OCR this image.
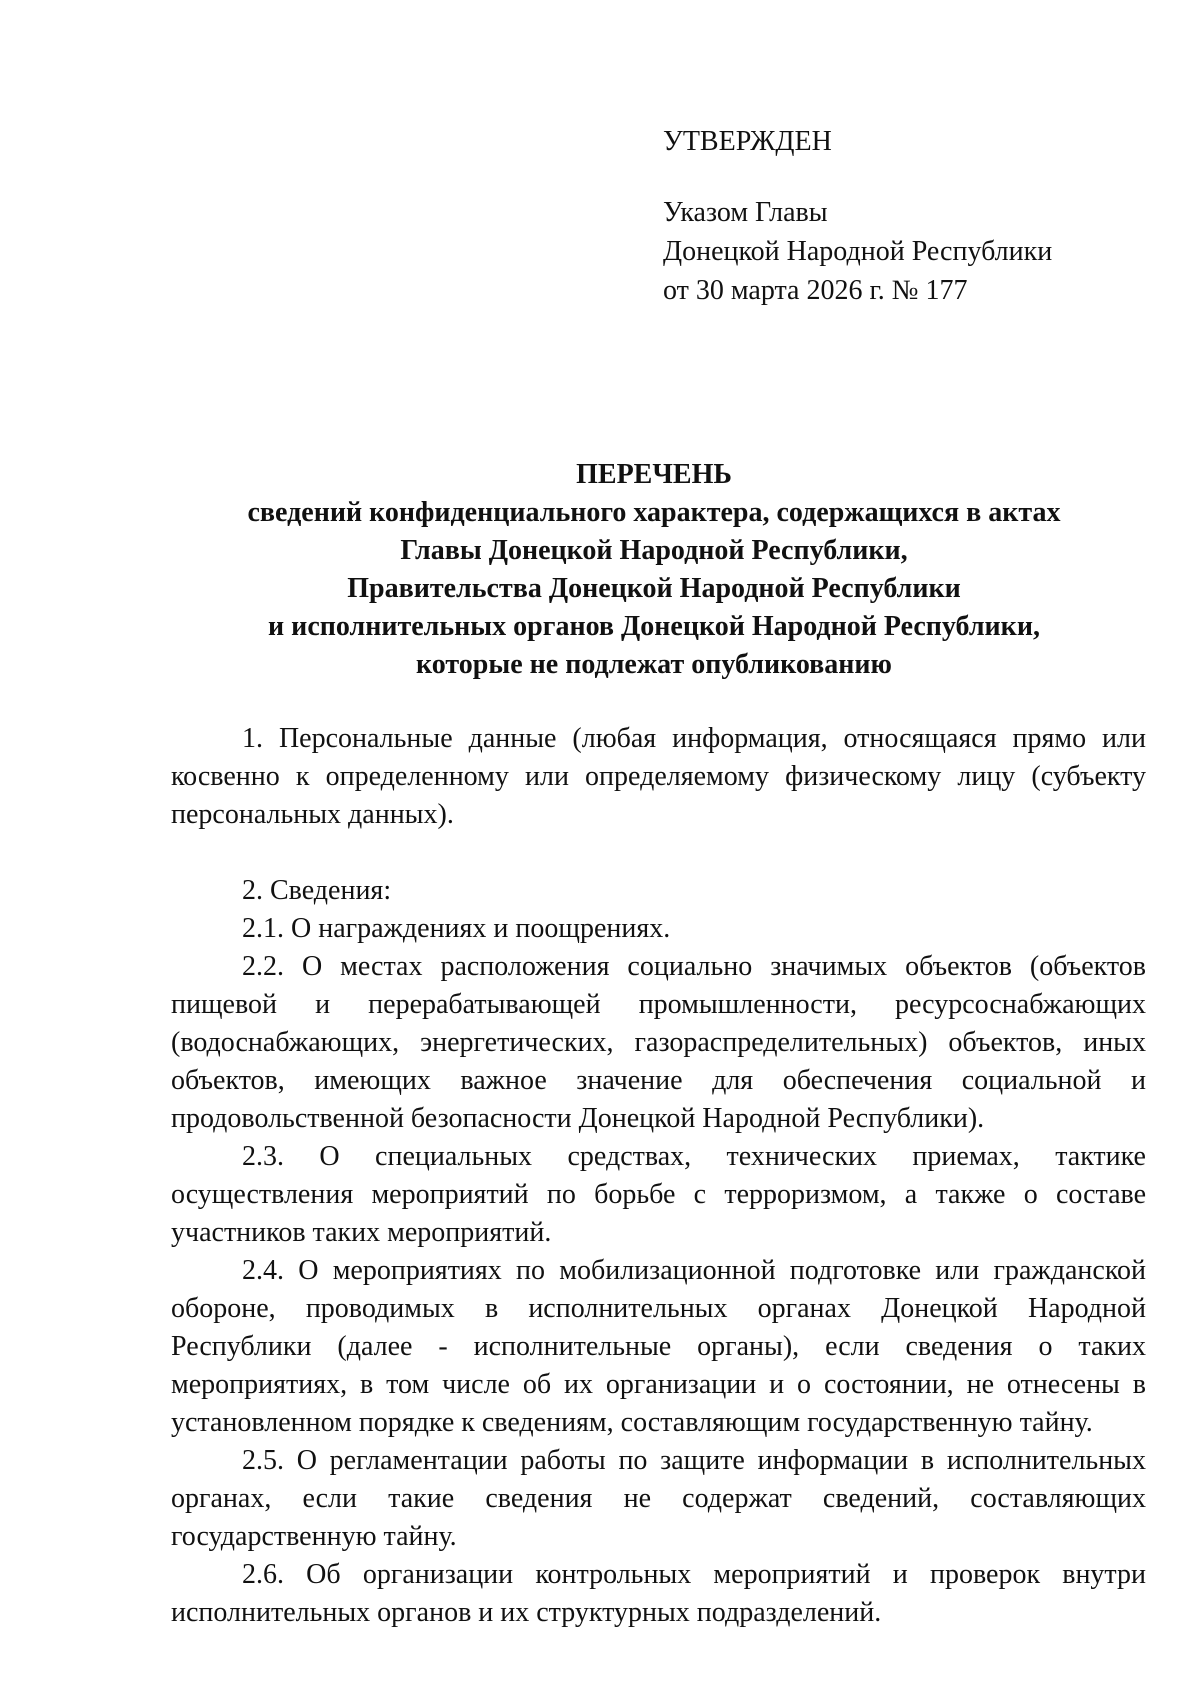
УТВЕРЖДЕН
Указом Главы
Донецкой Народной Республики
от 30 марта 2026 г. № 177
ПЕРЕЧЕНЬ
сведений конфиденциального характера, содержащихся в актах
Главы Донецкой Народной Республики,
Правительства Донецкой Народной Республики
и исполнительных органов Донецкой Народной Республики,
которые не подлежат опубликованию

1. Персональные данные (любая информация, относящаяся прямо или косвенно к определенному или определяемому физическому лицу (субъекту персональных данных).

2. Сведения:

2.1. О награждениях и поощрениях.

2.2. О местах расположения социально значимых объектов (объектов пищевой и перерабатывающей промышленности, ресурсоснабжающих (водоснабжающих, энергетических, газораспределительных) объектов, иных объектов, имеющих важное значение для обеспечения социальной и продовольственной безопасности Донецкой Народной Республики).

2.3. О специальных средствах, технических приемах, тактике осуществления мероприятий по борьбе с терроризмом, а также о составе участников таких мероприятий.

2.4. О мероприятиях по мобилизационной подготовке или гражданской обороне, проводимых в исполнительных органах Донецкой Народной Республики (далее - исполнительные органы), если сведения о таких мероприятиях, в том числе об их организации и о состоянии, не отнесены в установленном порядке к сведениям, составляющим государственную тайну.

2.5. О регламентации работы по защите информации в исполнительных органах, если такие сведения не содержат сведений, составляющих государственную тайну.

2.6. Об организации контрольных мероприятий и проверок внутри исполнительных органов и их структурных подразделений.
